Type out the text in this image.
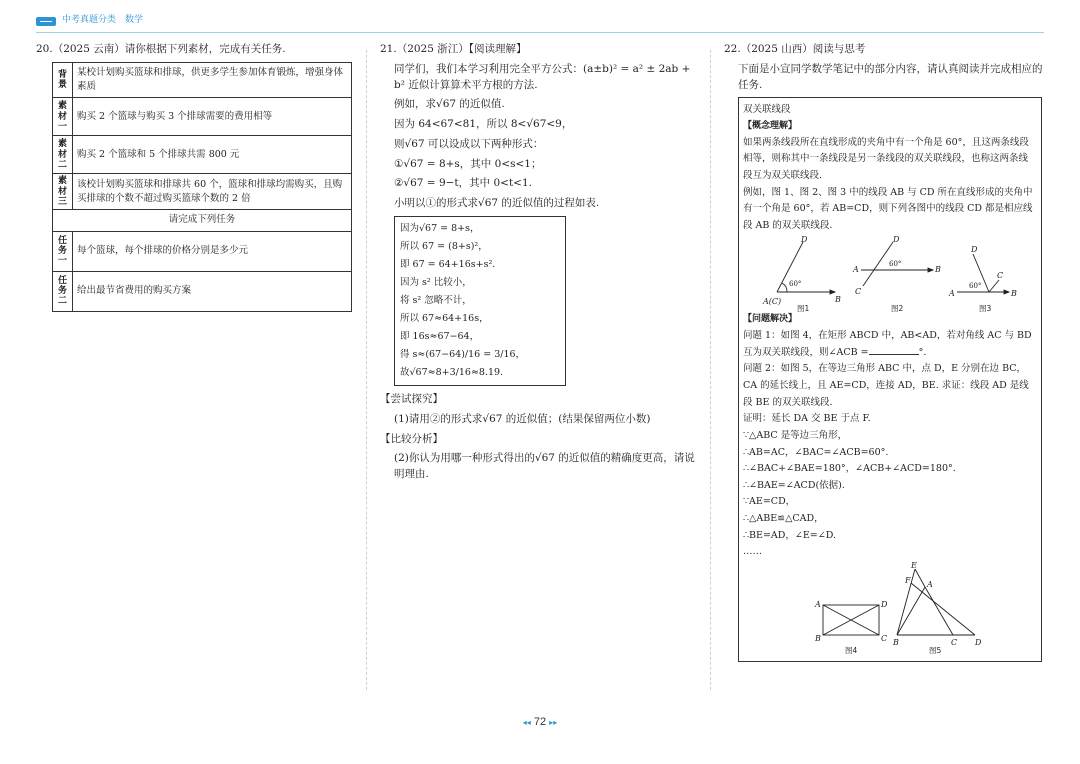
中考真题分类　数学
20.（2025 云南）请你根据下列素材，完成有关任务.
背景	某校计划购买篮球和排球，供更多学生参加体育锻炼，增强身体素质
素材一	购买 2 个篮球与购买 3 个排球需要的费用相等
素材二	购买 2 个篮球和 5 个排球共需 800 元
素材三	该校计划购买篮球和排球共 60 个，篮球和排球均需购买，且购买排球的个数不超过购买篮球个数的 2 倍
请完成下列任务	
任务一	每个篮球，每个排球的价格分别是多少元
任务二	给出最节省费用的购买方案
21.（2025 浙江）【阅读理解】
同学们，我们本学习利用完全平方公式：(a±b)² = a² ± 2ab + b² 近似计算算术平方根的方法.
例如，求√67 的近似值.
因为 64<67<81，所以 8<√67<9，
则√67 可以设成以下两种形式：
①√67 = 8+s，其中 0<s<1；
②√67 = 9−t，其中 0<t<1.
小明以①的形式求√67 的近似值的过程如表.
因为√67 = 8+s，
所以 67 = (8+s)²，
即 67 = 64+16s+s².
因为 s² 比较小，
将 s² 忽略不计，
所以 67≈64+16s，
即 16s≈67−64，
得 s≈(67−64)/16 = 3/16，
故√67≈8+3/16≈8.19.
【尝试探究】
(1)请用②的形式求√67 的近似值；(结果保留两位小数)
【比较分析】
(2)你认为用哪一种形式得出的√67 的近似值的精确度更高，请说明理由.
22.（2025 山西）阅读与思考
下面是小宣同学数学笔记中的部分内容，请认真阅读并完成相应的任务.
双关联线段
【概念理解】
如果两条线段所在直线形成的夹角中有一个角是 60°，且这两条线段相等，则称其中一条线段是另一条线段的双关联线段，也称这两条线段互为双关联线段.
例如，图 1、图 2、图 3 中的线段 AB 与 CD 所在直线形成的夹角中有一个角是 60°，若 AB=CD，则下列各图中的线段 CD 都是相应线段 AB 的双关联线段.
D
A(C)	B
D
A	B
C
D
A	B
C
60°
60°
60°
图1	图2	图3
【问题解决】
问题 1：如图 4，在矩形 ABCD 中，AB<AD，若对角线 AC 与 BD 互为双关联线段，则∠ACB =	°.
问题 2：如图 5，在等边三角形 ABC 中，点 D，E 分别在边 BC，CA 的延长线上，且 AE=CD，连接 AD，BE. 求证：线段 AD 是线段 BE 的双关联线段.
证明：延长 DA 交 BE 于点 F.
∵△ABC 是等边三角形，
∴AB=AC，∠BAC=∠ACB=60°.
∴∠BAC+∠BAE=180°，∠ACB+∠ACD=180°.
∴∠BAE=∠ACD(依据).
∵AE=CD，
∴△ABE≌△CAD，
∴BE=AD，∠E=∠D.
……
A	D
B	C
E
F A
B	C D
图4	图5
◂◂ 72 ▸▸
